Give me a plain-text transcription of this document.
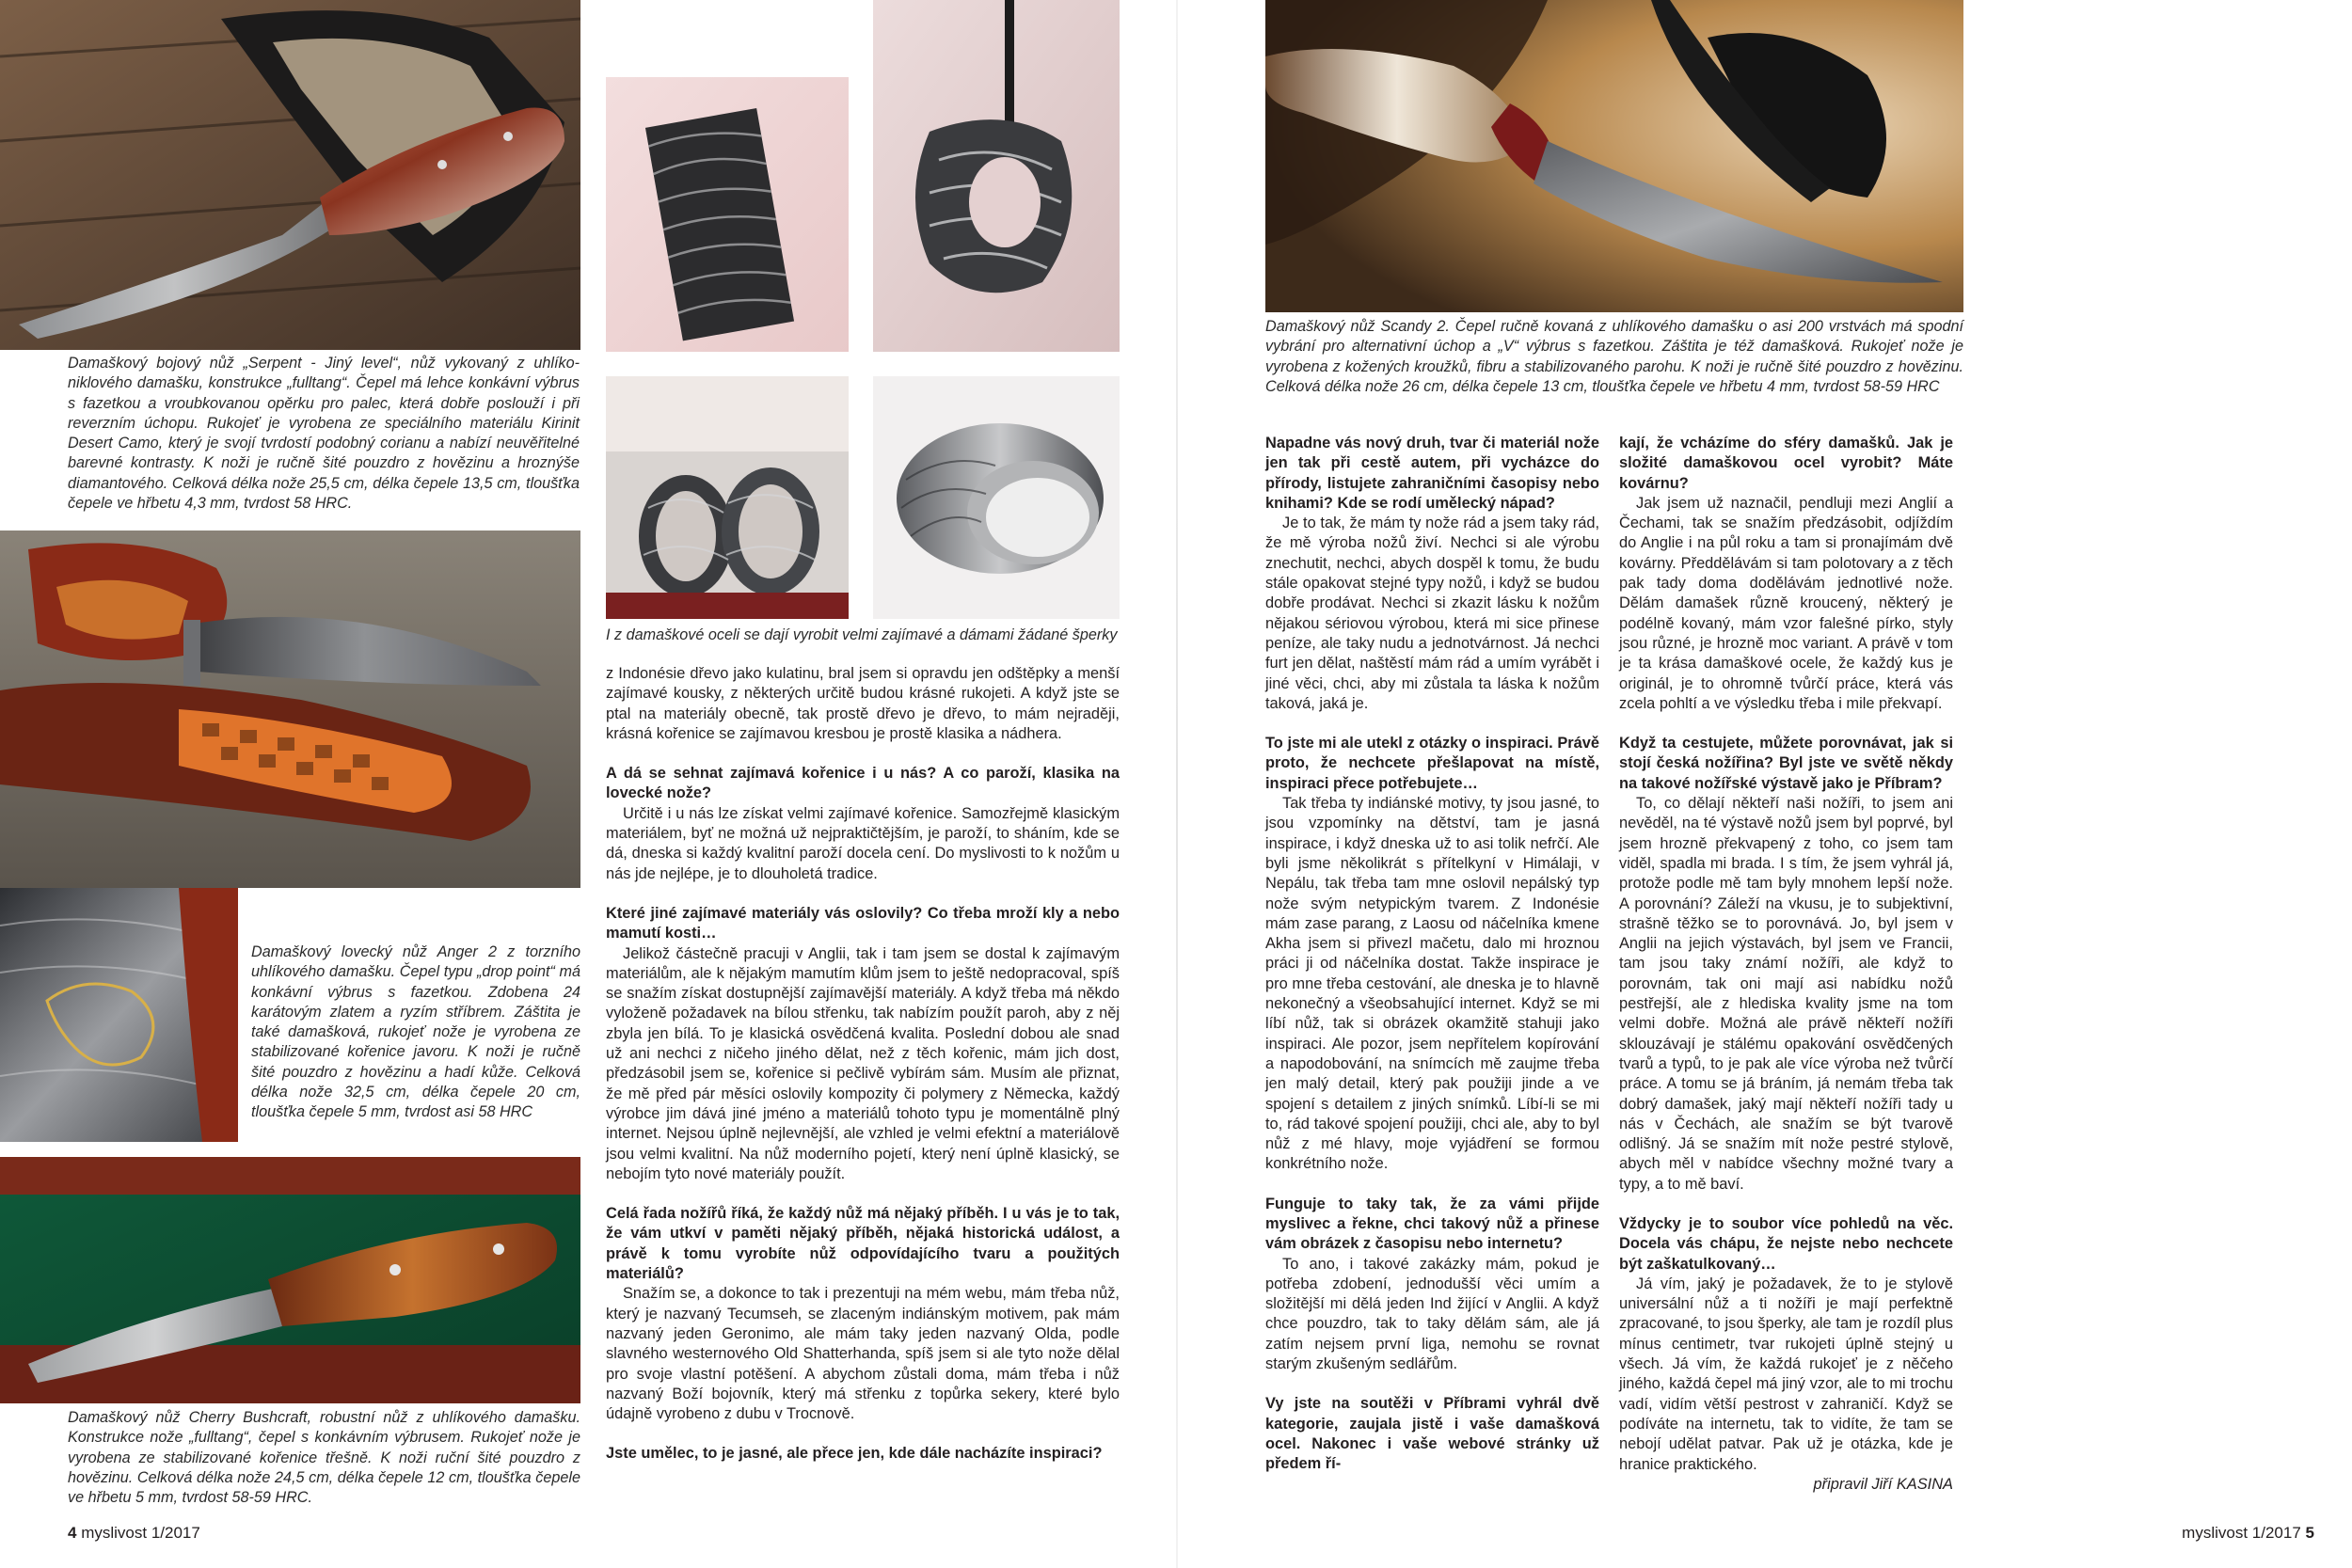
Damaškový bojový nůž „Serpent - Jiný level“, nůž vykovaný z uhlíko-niklového damašku, konstrukce „fulltang“. Čepel má lehce konkávní výbrus s fazetkou a vroubkovanou opěrku pro palec, která dobře poslouží i při reverzním úchopu. Rukojeť je vyrobena ze speciálního materiálu Kirinit Desert Camo, který je svojí tvrdostí podobný corianu a nabízí neuvěřitelné barevné kontrasty. K noži je ručně šité pouzdro z hovězinu a hroznýše diamantového. Celková délka nože 25,5 cm, délka čepele 13,5 cm, tloušťka čepele ve hřbetu 4,3 mm, tvrdost 58 HRC.
Damaškový lovecký nůž Anger 2 z torzního uhlíkového damašku. Čepel typu „drop point“ má konkávní výbrus s fazetkou. Zdobena 24 karátovým zlatem a ryzím stříbrem. Záštita je také damašková, rukojeť nože je vyrobena ze stabilizované kořenice javoru. K noži je ručně šité pouzdro z hovězinu a hadí kůže. Celková délka nože 32,5 cm, délka čepele 20 cm, tloušťka čepele 5 mm, tvrdost asi 58 HRC
Damaškový nůž Cherry Bushcraft, robustní nůž z uhlíkového damašku. Konstrukce nože „fulltang“, čepel s konkávním výbrusem. Rukojeť nože je vyrobena ze stabilizované kořenice třešně. K noži ruční šité pouzdro z hovězinu. Celková délka nože 24,5 cm, délka čepele 12 cm, tloušťka čepele ve hřbetu 5 mm, tvrdost 58-59 HRC.
I z damaškové oceli se dají vyrobit velmi zajímavé a dámami žádané šperky

z Indonésie dřevo jako kulatinu, bral jsem si opravdu jen odštěpky a menší zajímavé kousky, z některých určitě budou krásné rukojeti. A když jste se ptal na materiály obecně, tak prostě dřevo je dřevo, to mám nejraději, krásná kořenice se zajímavou kresbou je prostě klasika a nádhera.

A dá se sehnat zajímavá kořenice i u nás? A co paroží, klasika na lovecké nože?

Určitě i u nás lze získat velmi zajímavé kořenice. Samozřejmě klasickým materiálem, byť ne možná už nejpraktičtějším, je paroží, to sháním, kde se dá, dneska si každý kvalitní paroží docela cení. Do myslivosti to k nožům u nás jde nejlépe, je to dlouholetá tradice.

Které jiné zajímavé materiály vás oslovily? Co třeba mroží kly a nebo mamutí kosti…

Jelikož částečně pracuji v Anglii, tak i tam jsem se dostal k zajímavým materiálům, ale k nějakým mamutím klům jsem to ještě nedopracoval, spíš se snažím získat dostupnější zajímavější materiály. A když třeba má někdo vyloženě požadavek na bílou střenku, tak nabízím použít paroh, aby z něj zbyla jen bílá. To je klasická osvědčená kvalita. Poslední dobou ale snad už ani nechci z ničeho jiného dělat, než z těch kořenic, mám jich dost, předzásobil jsem se, kořenice si pečlivě vybírám sám. Musím ale přiznat, že mě před pár měsíci oslovily kompozity či polymery z Německa, každý výrobce jim dává jiné jméno a materiálů tohoto typu je momentálně plný internet. Nejsou úplně nejlevnější, ale vzhled je velmi efektní a materiálově jsou velmi kvalitní. Na nůž moderního pojetí, který není úplně klasický, se nebojím tyto nové materiály použít.

Celá řada nožířů říká, že každý nůž má nějaký příběh. I u vás je to tak, že vám utkví v paměti nějaký příběh, nějaká historická událost, a právě k tomu vyrobíte nůž odpovídajícího tvaru a použitých materiálů?

Snažím se, a dokonce to tak i prezentuji na mém webu, mám třeba nůž, který je nazvaný Tecumseh, se zlaceným indiánským motivem, pak mám nazvaný jeden Geronimo, ale mám taky jeden nazvaný Olda, podle slavného westernového Old Shatterhanda, spíš jsem si ale tyto nože dělal pro svoje vlastní potěšení. A abychom zůstali doma, mám třeba i nůž nazvaný Boží bojovník, který má střenku z topůrka sekery, které bylo údajně vyrobeno z dubu v Trocnově.

Jste umělec, to je jasné, ale přece jen, kde dále nacházíte inspiraci?

4 myslivost 1/2017
Damaškový nůž Scandy 2. Čepel ručně kovaná z uhlíkového damašku o asi 200 vrstvách má spodní vybrání pro alternativní úchop a „V“ výbrus s fazetkou. Záštita je též damašková. Rukojeť nože je vyrobena z kožených kroužků, fibru a stabilizovaného parohu. K noži je ručně šité pouzdro z hovězinu. Celková délka nože 26 cm, délka čepele 13 cm, tloušťka čepele ve hřbetu 4 mm, tvrdost 58-59 HRC

Napadne vás nový druh, tvar či materiál nože jen tak při cestě autem, při vycházce do přírody, listujete zahraničními časopisy nebo knihami? Kde se rodí umělecký nápad?

Je to tak, že mám ty nože rád a jsem taky rád, že mě výroba nožů živí. Nechci si ale výrobu znechutit, nechci, abych dospěl k tomu, že budu stále opakovat stejné typy nožů, i když se budou dobře prodávat. Nechci si zkazit lásku k nožům nějakou sériovou výrobou, která mi sice přinese peníze, ale taky nudu a jednotvárnost. Já nechci furt jen dělat, naštěstí mám rád a umím vyrábět i jiné věci, chci, aby mi zůstala ta láska k nožům taková, jaká je.

To jste mi ale utekl z otázky o inspiraci. Právě proto, že nechcete přešlapovat na místě, inspiraci přece potřebujete…

Tak třeba ty indiánské motivy, ty jsou jasné, to jsou vzpomínky na dětství, tam je jasná inspirace, i když dneska už to asi tolik nefrčí. Ale byli jsme několikrát s přítelkyní v Himálaji, v Nepálu, tak třeba tam mne oslovil nepálský typ nože svým netypickým tvarem. Z Indonésie mám zase parang, z Laosu od náčelníka kmene Akha jsem si přivezl mačetu, dalo mi hroznou práci ji od náčelníka dostat. Takže inspirace je pro mne třeba cestování, ale dneska je to hlavně nekonečný a všeobsahující internet. Když se mi líbí nůž, tak si obrázek okamžitě stahuji jako inspiraci. Ale pozor, jsem nepřítelem kopírování a napodobování, na snímcích mě zaujme třeba jen malý detail, který pak použiji jinde a ve spojení s detailem z jiných snímků. Líbí-li se mi to, rád takové spojení použiji, chci ale, aby to byl nůž z mé hlavy, moje vyjádření se formou konkrétního nože.

Funguje to taky tak, že za vámi přijde myslivec a řekne, chci takový nůž a přinese vám obrázek z časopisu nebo internetu?

To ano, i takové zakázky mám, pokud je potřeba zdobení, jednodušší věci umím a složitější mi dělá jeden Ind žijící v Anglii. A když chce pouzdro, tak to taky dělám sám, ale já zatím nejsem první liga, nemohu se rovnat starým zkušeným sedlářům.

Vy jste na soutěži v Příbrami vyhrál dvě kategorie, zaujala jistě i vaše damašková ocel. Nakonec i vaše webové stránky už předem ří-

kají, že vcházíme do sféry damašků. Jak je složité damaškovou ocel vyrobit? Máte kovárnu?

Jak jsem už naznačil, pendluji mezi Anglií a Čechami, tak se snažím předzásobit, odjíždím do Anglie i na půl roku a tam si pronajímám dvě kovárny. Předdělávám si tam polotovary a z těch pak tady doma dodělávám jednotlivé nože. Dělám damašek různě kroucený, některý je podélně kovaný, mám vzor falešné pírko, styly jsou různé, je hrozně moc variant. A právě v tom je ta krása damaškové ocele, že každý kus je originál, je to ohromně tvůrčí práce, která vás zcela pohltí a ve výsledku třeba i mile překvapí.

Když ta cestujete, můžete porovnávat, jak si stojí česká nožířina? Byl jste ve světě někdy na takové nožířské výstavě jako je Příbram?

To, co dělají někteří naši nožíři, to jsem ani nevěděl, na té výstavě nožů jsem byl poprvé, byl jsem hrozně překvapený z toho, co jsem tam viděl, spadla mi brada. I s tím, že jsem vyhrál já, protože podle mě tam byly mnohem lepší nože. A porovnání? Záleží na vkusu, je to subjektivní, strašně těžko se to porovnává. Jo, byl jsem v Anglii na jejich výstavách, byl jsem ve Francii, tam jsou taky známí nožíři, ale když to porovnám, tak oni mají asi nabídku nožů pestřejší, ale z hlediska kvality jsme na tom velmi dobře. Možná ale právě někteří nožíři sklouzávají je stálému opakování osvědčených tvarů a typů, to je pak ale více výroba než tvůrčí práce. A tomu se já bráním, já nemám třeba tak dobrý damašek, jaký mají někteří nožíři tady u nás v Čechách, ale snažím se být tvarově odlišný. Já se snažím mít nože pestré stylově, abych měl v nabídce všechny možné tvary a typy, a to mě baví.

Vždycky je to soubor více pohledů na věc. Docela vás chápu, že nejste nebo nechcete být zaškatulkovaný…

Já vím, jaký je požadavek, že to je stylově universální nůž a ti nožíři je mají perfektně zpracované, to jsou šperky, ale tam je rozdíl plus mínus centimetr, tvar rukojeti úplně stejný u všech. Já vím, že každá rukojeť je z něčeho jiného, každá čepel má jiný vzor, ale to mi trochu vadí, vidím větší pestrost v zahraničí. Když se podíváte na internetu, tak to vidíte, že tam se nebojí udělat patvar. Pak už je otázka, kde je hranice praktického.

připravil Jiří KASINA

myslivost 1/2017 5
